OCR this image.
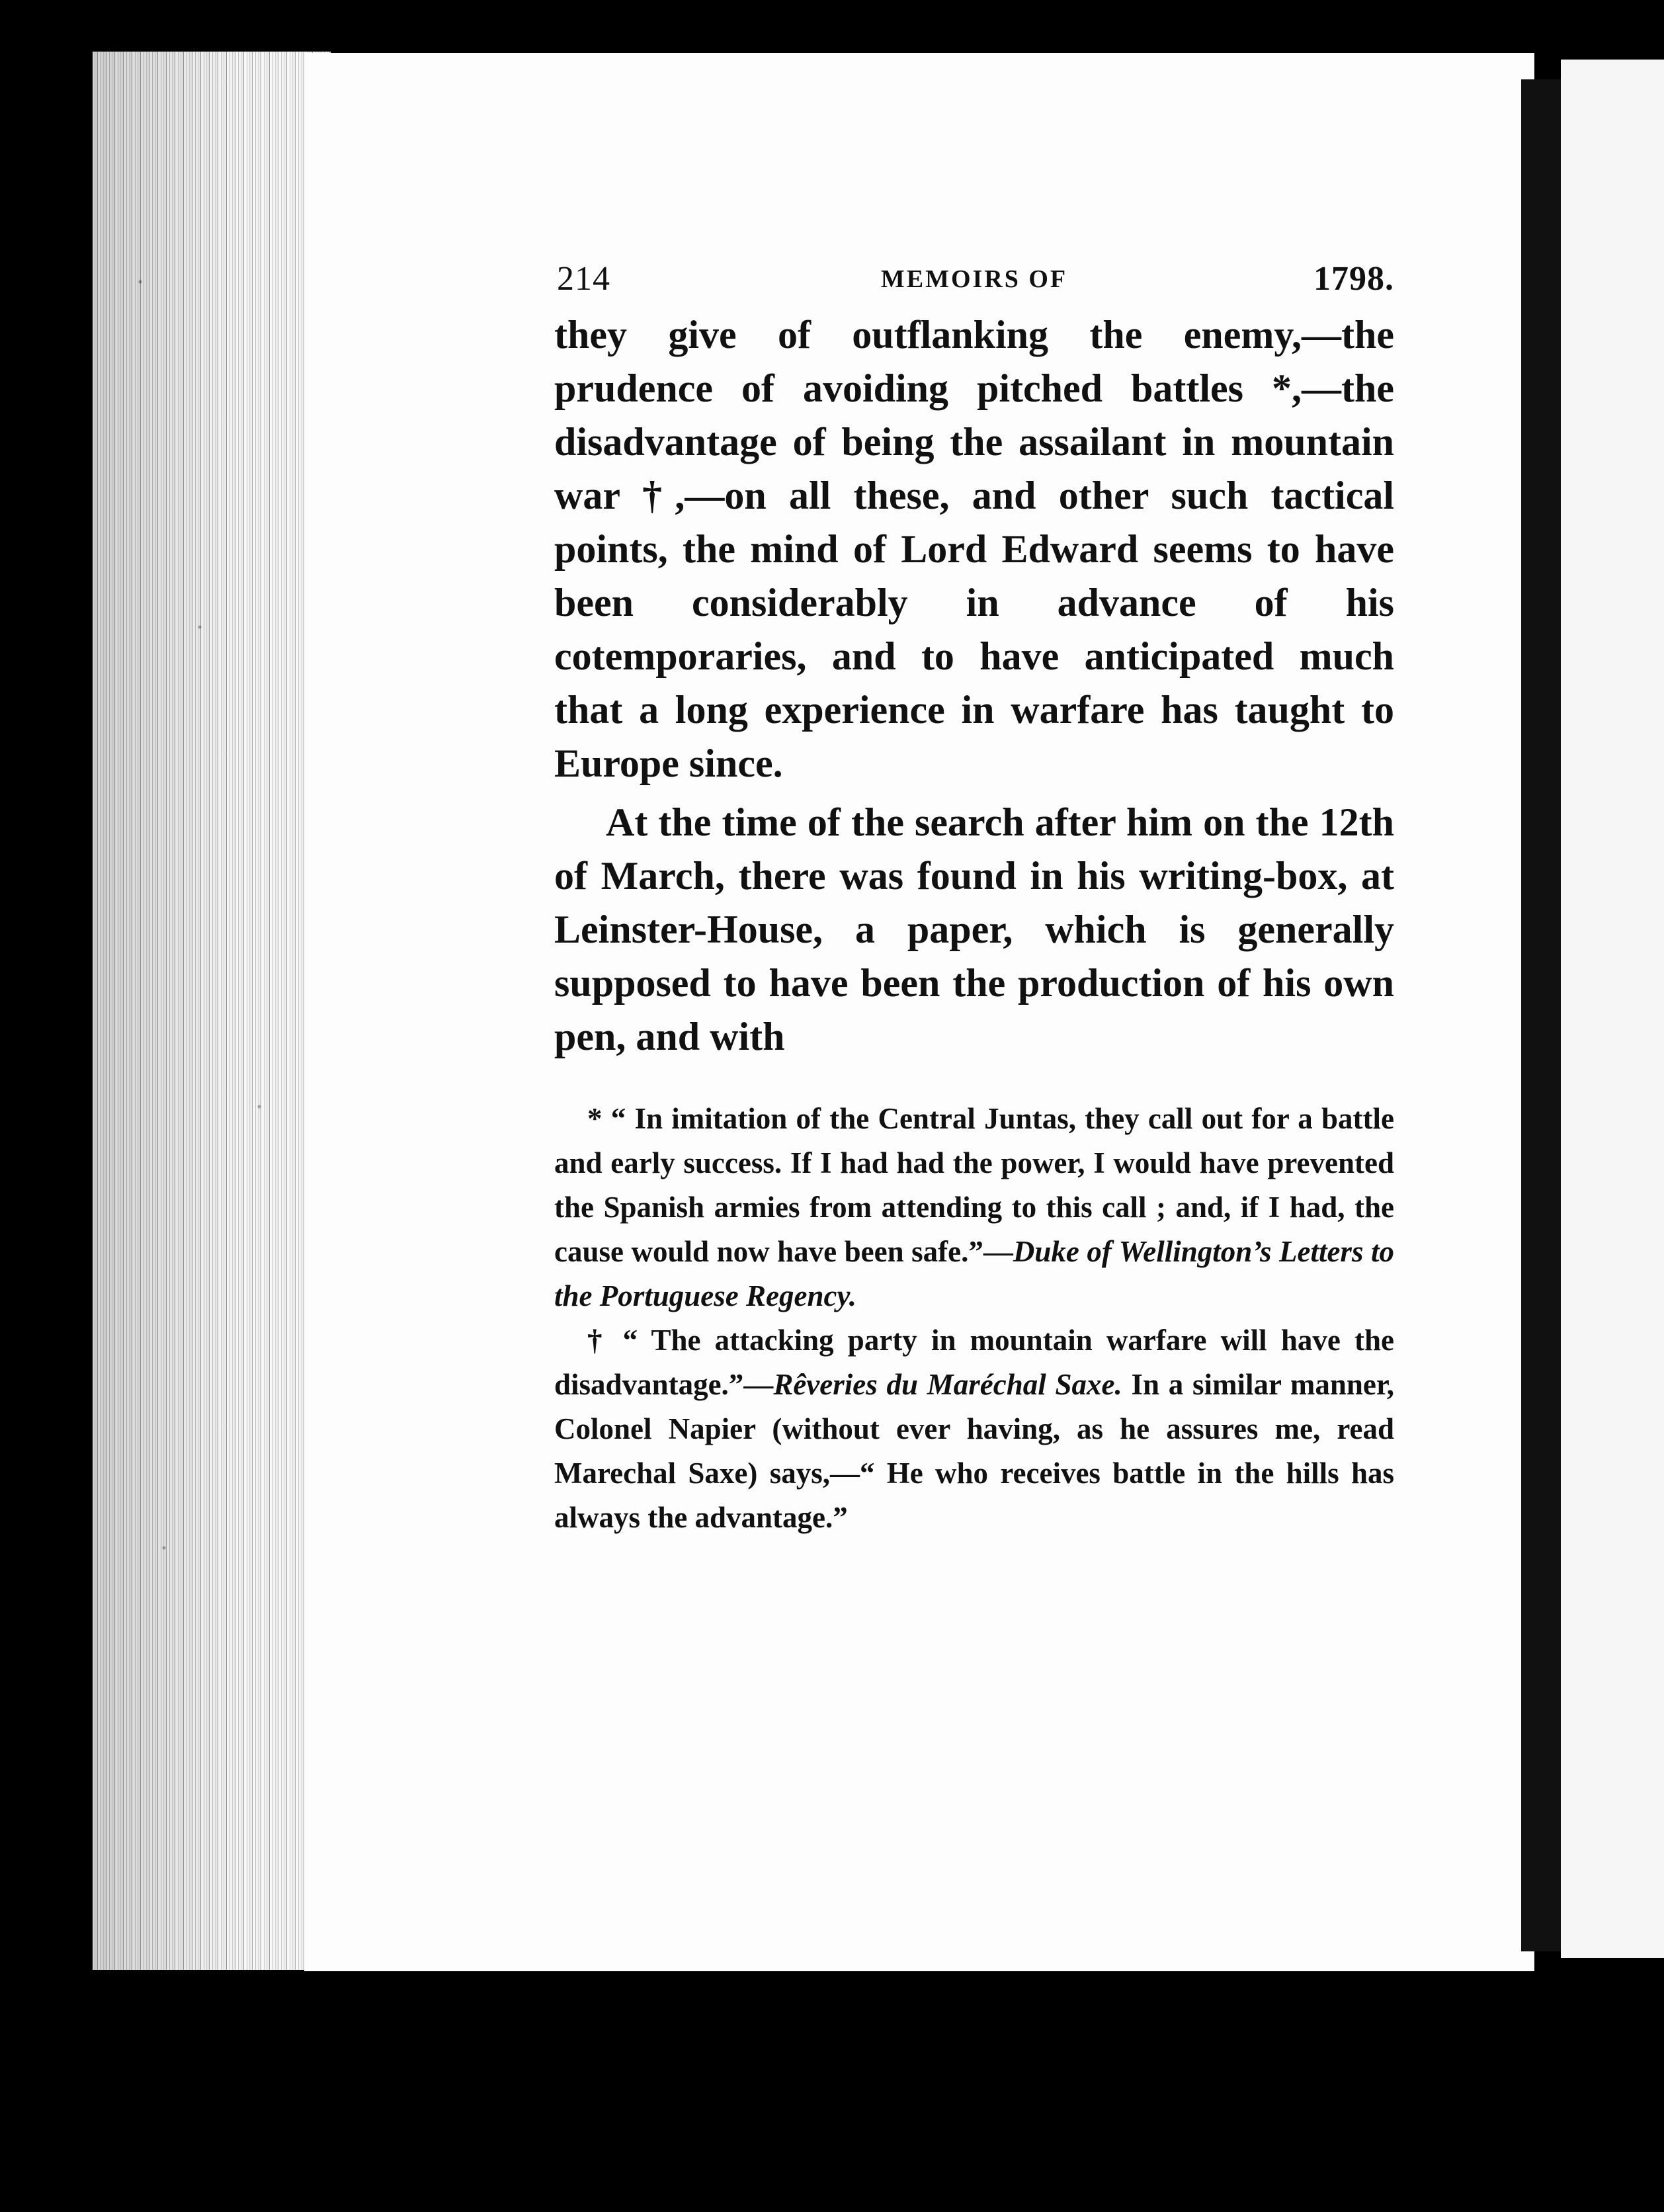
214	MEMOIRS OF	1798.

they give of outflanking the enemy,—the prudence of avoiding pitched battles *,—the disadvantage of being the assailant in mountain war †,—on all these, and other such tactical points, the mind of Lord Edward seems to have been considerably in advance of his cotemporaries, and to have anticipated much that a long experience in warfare has taught to Europe since.

At the time of the search after him on the 12th of March, there was found in his writing-box, at Leinster-House, a paper, which is generally supposed to have been the production of his own pen, and with

* “ In imitation of the Central Juntas, they call out for a battle and early success. If I had had the power, I would have prevented the Spanish armies from attending to this call ; and, if I had, the cause would now have been safe.”—Duke of Wellington’s Letters to the Portuguese Regency.

† “ The attacking party in mountain warfare will have the disadvantage.”—Rêveries du Maréchal Saxe. In a similar manner, Colonel Napier (without ever having, as he assures me, read Marechal Saxe) says,—“ He who receives battle in the hills has always the advantage.”
